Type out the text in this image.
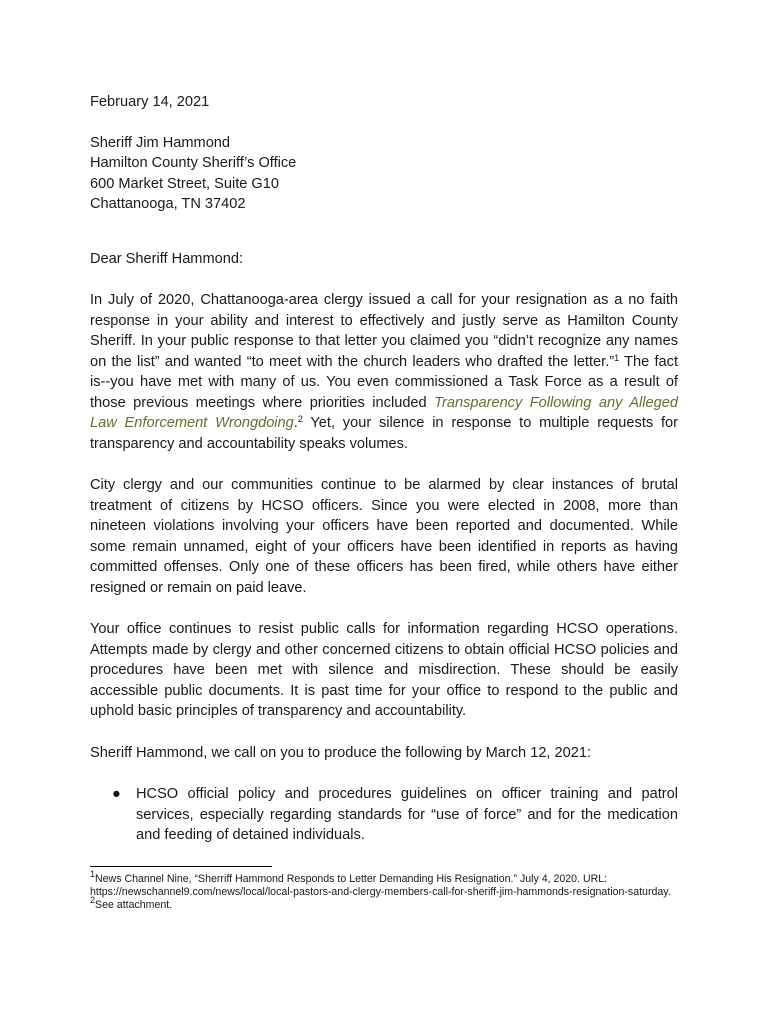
February 14, 2021

Sheriff Jim Hammond

Hamilton County Sheriff’s Office

600 Market Street, Suite G10

Chattanooga, TN 37402

Dear Sheriff Hammond:

In July of 2020, Chattanooga-area clergy issued a call for your resignation as a no faith response in your ability and interest to effectively and justly serve as Hamilton County Sheriff. In your public response to that letter you claimed you “didn’t recognize any names on the list” and wanted “to meet with the church leaders who drafted the letter.”$^1$ The fact is--you have met with many of us. You even commissioned a Task Force as a result of those previous meetings where priorities included Transparency Following any Alleged Law Enforcement Wrongdoing.$^2$ Yet, your silence in response to multiple requests for transparency and accountability speaks volumes.

City clergy and our communities continue to be alarmed by clear instances of brutal treatment of citizens by HCSO officers. Since you were elected in 2008, more than nineteen violations involving your officers have been reported and documented. While some remain unnamed, eight of your officers have been identified in reports as having committed offenses. Only one of these officers has been fired, while others have either resigned or remain on paid leave.

Your office continues to resist public calls for information regarding HCSO operations. Attempts made by clergy and other concerned citizens to obtain official HCSO policies and procedures have been met with silence and misdirection. These should be easily accessible public documents. It is past time for your office to respond to the public and uphold basic principles of transparency and accountability.

Sheriff Hammond, we call on you to produce the following by March 12, 2021:

● HCSO official policy and procedures guidelines on officer training and patrol services, especially regarding standards for “use of force” and for the medication and feeding of detained individuals.

$^1$News Channel Nine, “Sherriff Hammond Responds to Letter Demanding His Resignation.” July 4, 2020. URL: https://newschannel9.com/news/local/local-pastors-and-clergy-members-call-for-sheriff-jim-hammonds-resignation-saturday.

$^2$See attachment.
